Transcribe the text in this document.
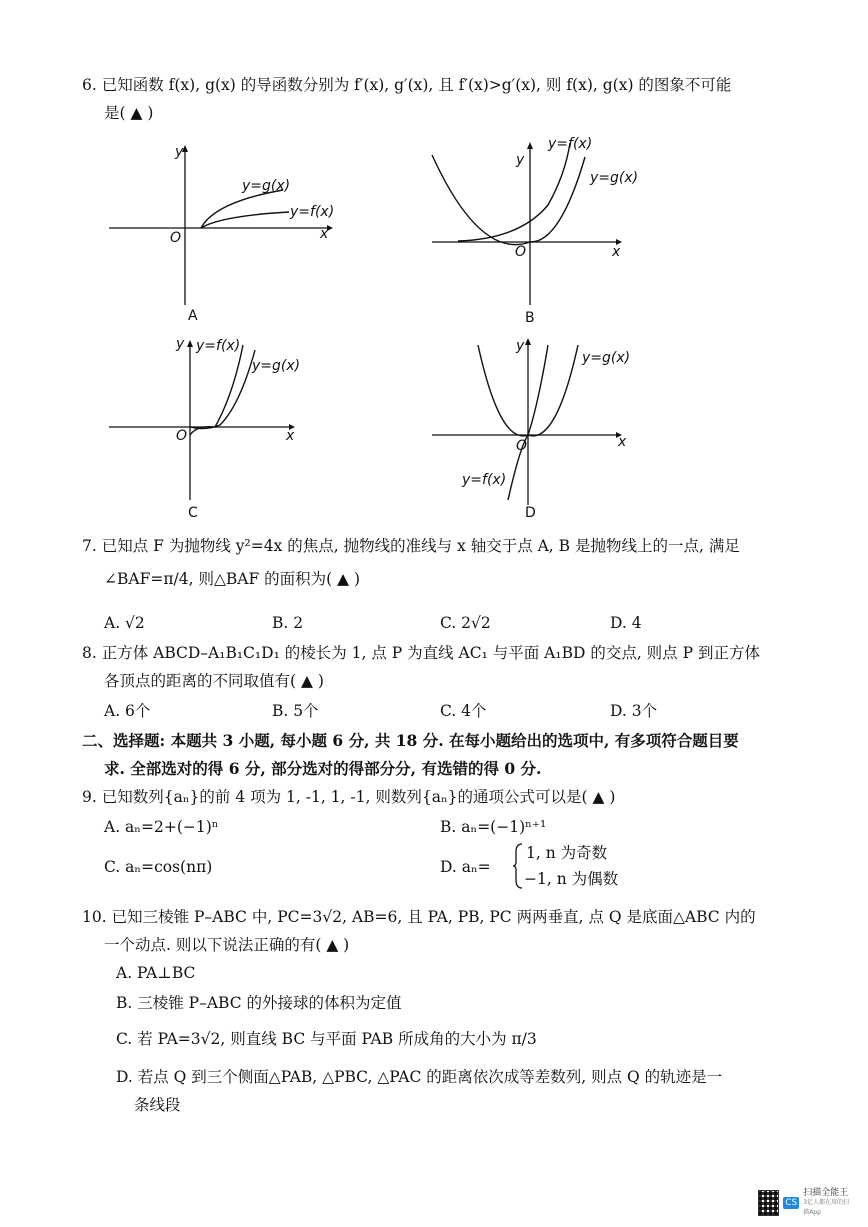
6. 已知函数 f(x), g(x) 的导函数分别为 f′(x), g′(x), 且 f′(x)>g′(x), 则 f(x), g(x) 的图象不可能
是( ▲ )
y
x
O
y=g(x)
y=f(x)
A
y
x
O
y=f(x)
y=g(x)
B
y
x
O
y=f(x)
y=g(x)
C
y
x
O
y=g(x)
y=f(x)
D
7. 已知点 F 为抛物线 y²=4x 的焦点, 抛物线的准线与 x 轴交于点 A, B 是抛物线上的一点, 满足
∠BAF=π/4, 则△BAF 的面积为( ▲ )
A. √2	B. 2	C. 2√2	D. 4
8. 正方体 ABCD–A₁B₁C₁D₁ 的棱长为 1, 点 P 为直线 AC₁ 与平面 A₁BD 的交点, 则点 P 到正方体
各顶点的距离的不同取值有( ▲ )
A. 6个	B. 5个	C. 4个	D. 3个
二、选择题: 本题共 3 小题, 每小题 6 分, 共 18 分. 在每小题给出的选项中, 有多项符合题目要
求. 全部选对的得 6 分, 部分选对的得部分分, 有选错的得 0 分.
9. 已知数列{aₙ}的前 4 项为 1, -1, 1, -1, 则数列{aₙ}的通项公式可以是( ▲ )
A. aₙ=2+(−1)ⁿ	B. aₙ=(−1)ⁿ⁺¹
C. aₙ=cos(nπ)	D. aₙ=
1, n 为奇数
−1, n 为偶数
10. 已知三棱锥 P–ABC 中, PC=3√2, AB=6, 且 PA, PB, PC 两两垂直, 点 Q 是底面△ABC 内的
一个动点. 则以下说法正确的有( ▲ )
A. PA⊥BC
B. 三棱锥 P–ABC 的外接球的体积为定值
C. 若 PA=3√2, 则直线 BC 与平面 PAB 所成角的大小为 π/3
D. 若点 Q 到三个侧面△PAB, △PBC, △PAC 的距离依次成等差数列, 则点 Q 的轨迹是一
条线段
CS
扫描全能王
3亿人都在用的扫描App
